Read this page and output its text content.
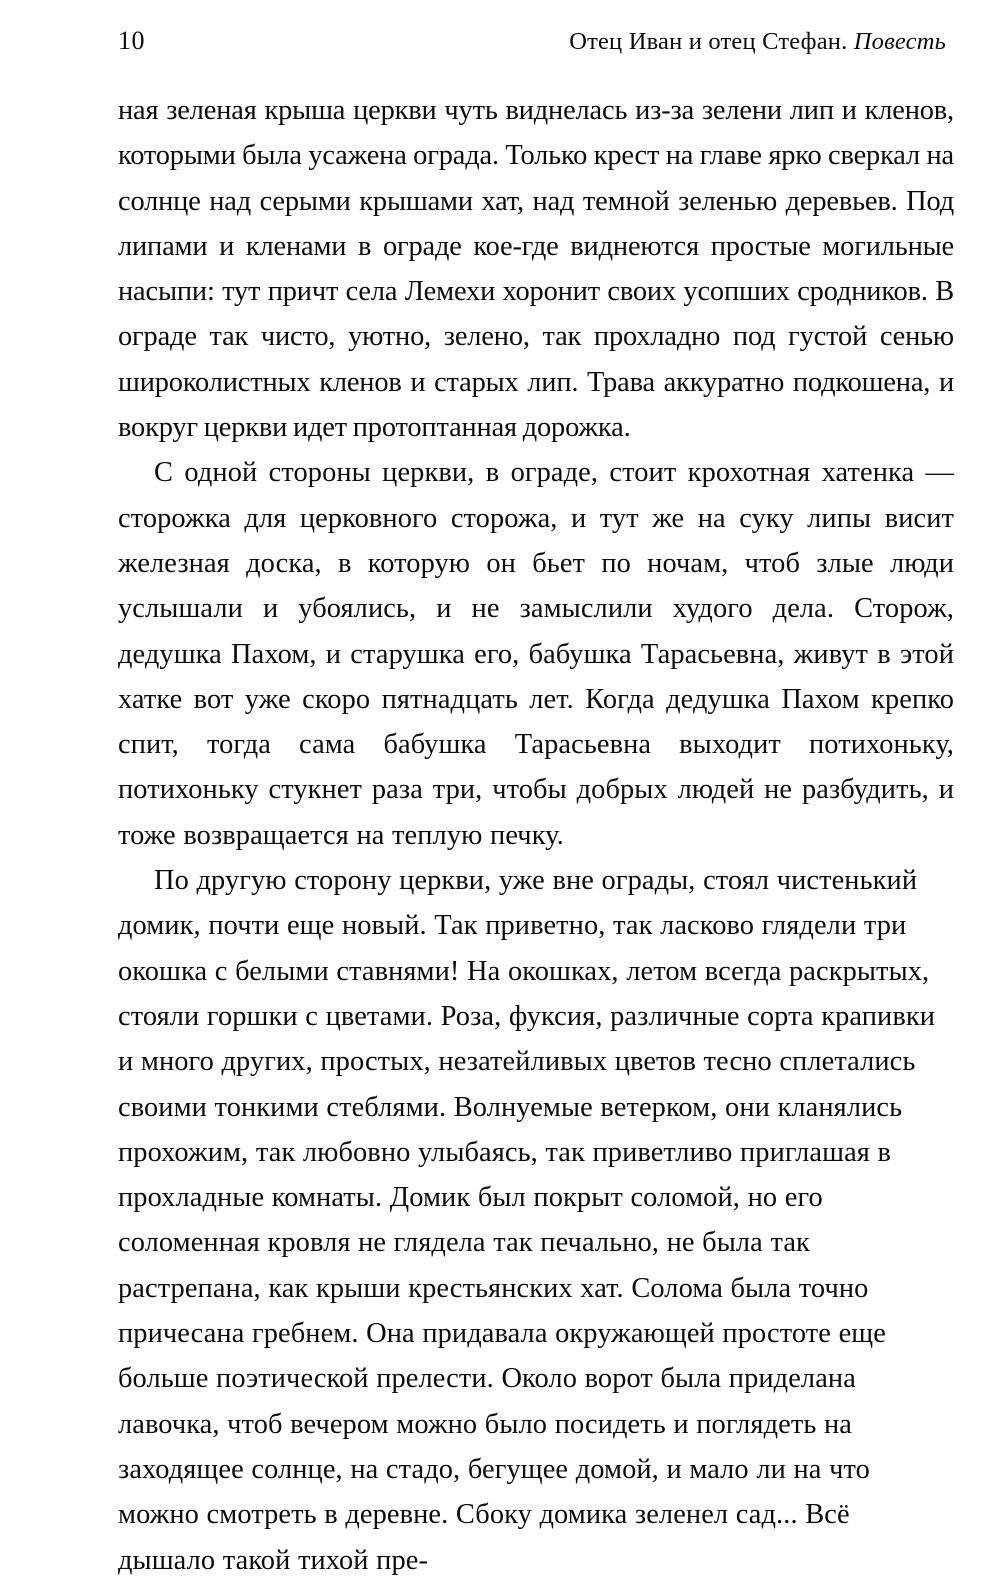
10	Отец Иван и отец Стефан. Повесть

ная зеленая крыша церкви чуть виднелась из-за зелени лип и кленов, которыми была усажена ограда. Только крест на главе ярко сверкал на солнце над серыми крышами хат, над темной зеленью деревьев. Под липами и кленами в ограде кое-где виднеются простые могильные насыпи: тут причт села Лемехи хоронит своих усопших сродников. В ограде так чисто, уютно, зелено, так прохладно под густой сенью широколистных кленов и старых лип. Трава аккуратно подкошена, и вокруг церкви идет протоптанная дорожка.

С одной стороны церкви, в ограде, стоит крохотная хатенка — сторожка для церковного сторожа, и тут же на суку липы висит железная доска, в которую он бьет по ночам, чтоб злые люди услышали и убоялись, и не замыслили худого дела. Сторож, дедушка Пахом, и старушка его, бабушка Тарасьевна, живут в этой хатке вот уже скоро пятнадцать лет. Когда дедушка Пахом крепко спит, тогда сама бабушка Тарасьевна выходит потихоньку, потихоньку стукнет раза три, чтобы добрых людей не разбудить, и тоже возвращается на теплую печку.

По другую сторону церкви, уже вне ограды, стоял чистенький домик, почти еще новый. Так приветно, так ласково глядели три окошка с белыми ставнями! На окошках, летом всегда раскрытых, стояли горшки с цветами. Роза, фуксия, различные сорта крапивки и много других, простых, незатейливых цветов тесно сплетались своими тонкими стеблями. Волнуемые ветерком, они кланялись прохожим, так любовно улыбаясь, так приветливо приглашая в прохладные комнаты. Домик был покрыт соломой, но его соломенная кровля не глядела так печально, не была так растрепана, как крыши крестьянских хат. Солома была точно причесана гребнем. Она придавала окружающей простоте еще больше поэтической прелести. Около ворот была приделана лавочка, чтоб вечером можно было посидеть и поглядеть на заходящее солнце, на стадо, бегущее домой, и мало ли на что можно смотреть в деревне. Сбоку домика зеленел сад... Всё дышало такой тихой пре-
